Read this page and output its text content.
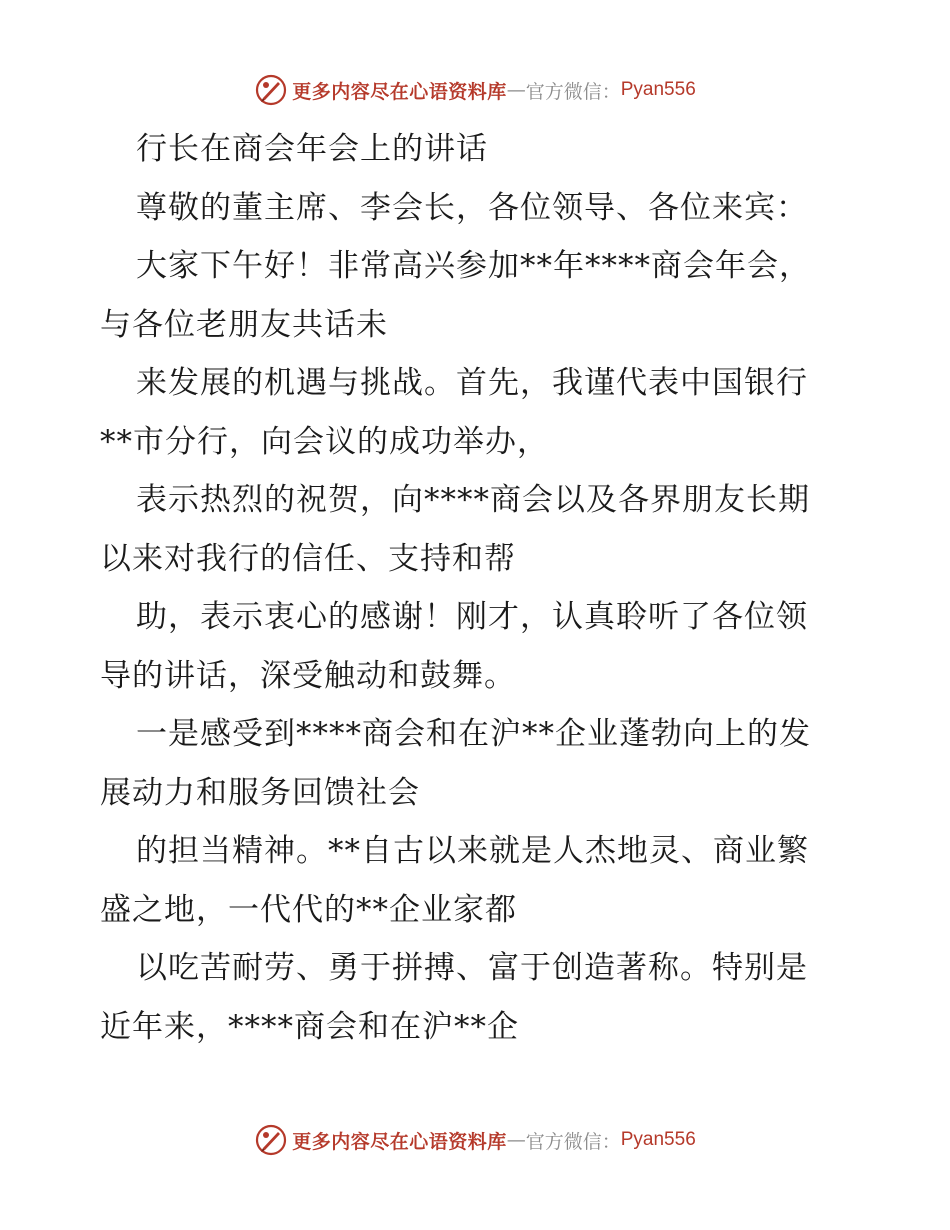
更多内容尽在心语资料库 — 官方微信： Pyan556
行长在商会年会上的讲话
尊敬的董主席、李会长，各位领导、各位来宾：
大家下午好！非常高兴参加**年****商会年会，
与各位老朋友共话未
来发展的机遇与挑战。首先，我谨代表中国银行
**市分行，向会议的成功举办，
表示热烈的祝贺，向****商会以及各界朋友长期
以来对我行的信任、支持和帮
助，表示衷心的感谢！刚才，认真聆听了各位领
导的讲话，深受触动和鼓舞。
一是感受到****商会和在沪**企业蓬勃向上的发
展动力和服务回馈社会
的担当精神。**自古以来就是人杰地灵、商业繁
盛之地，一代代的**企业家都
以吃苦耐劳、勇于拼搏、富于创造著称。特别是
近年来，****商会和在沪**企
更多内容尽在心语资料库 — 官方微信： Pyan556
